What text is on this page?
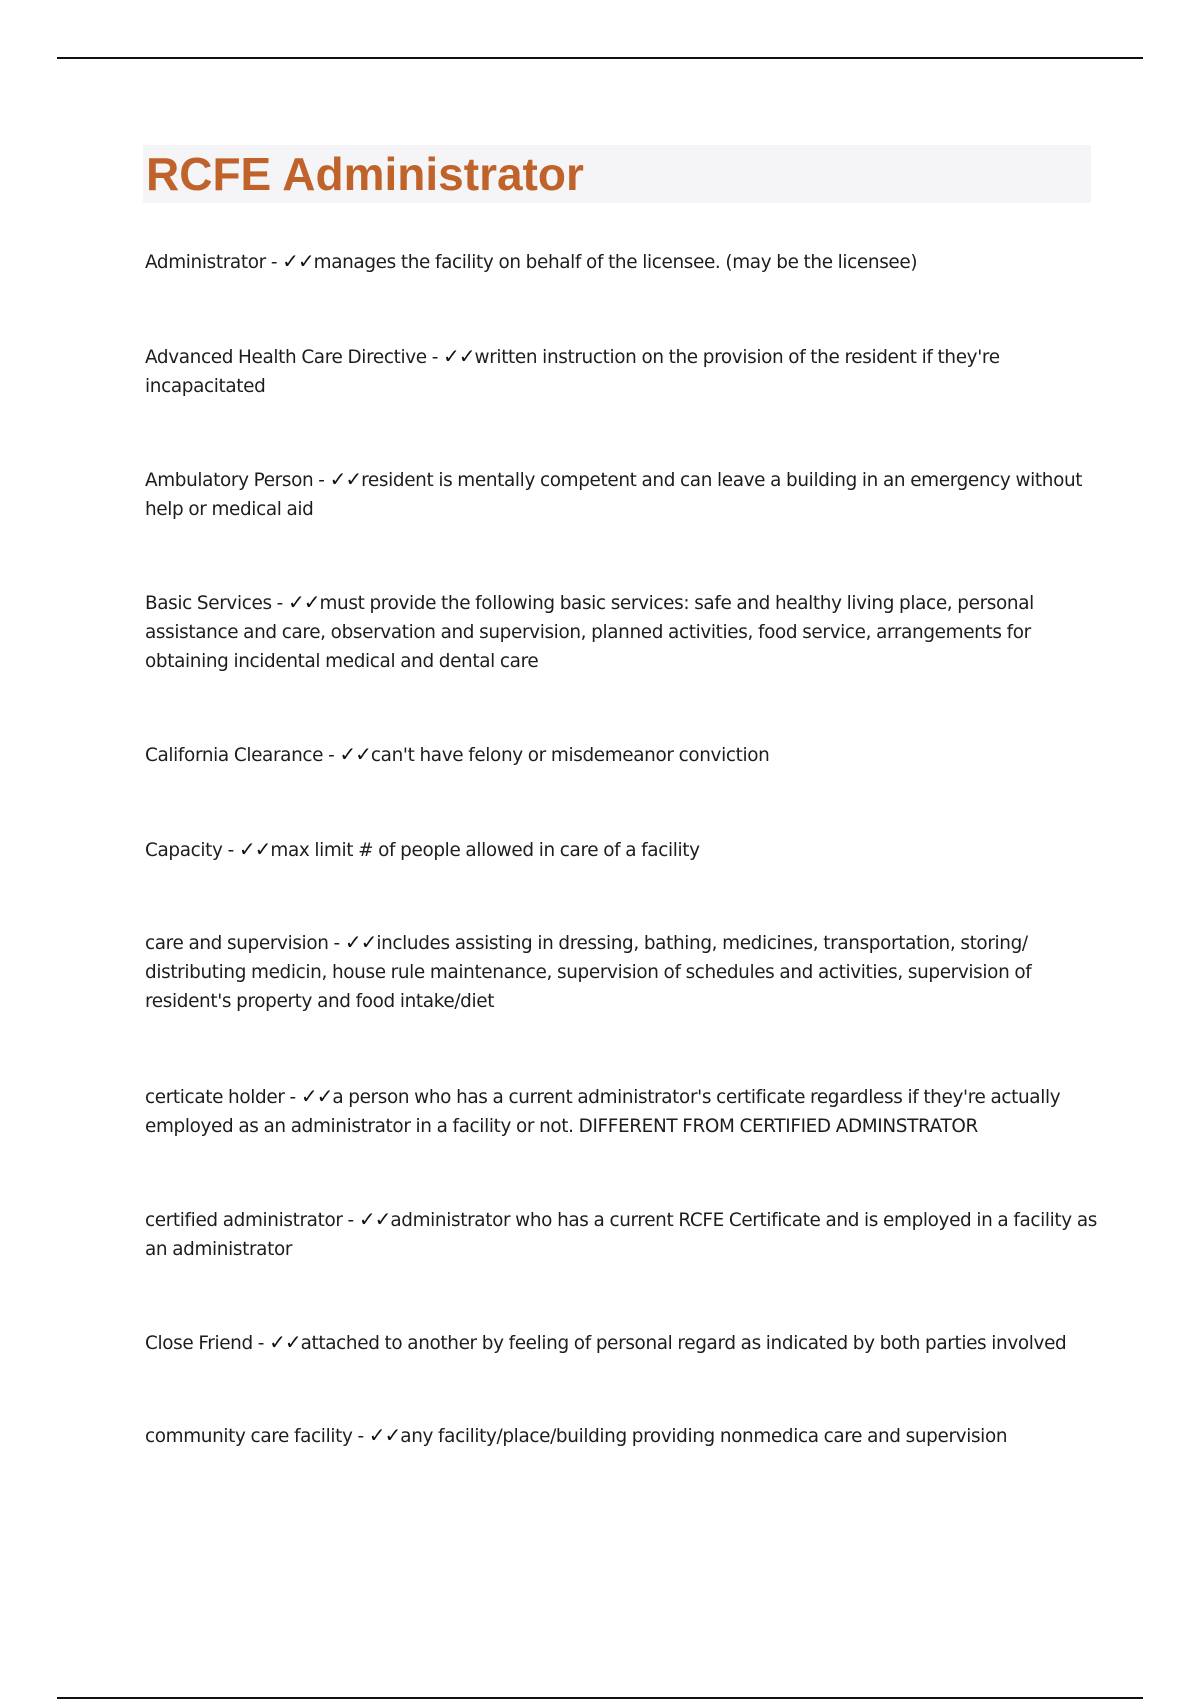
RCFE Administrator

Administrator - ✓✓manages the facility on behalf of the licensee. (may be the licensee)

Advanced Health Care Directive - ✓✓written instruction on the provision of the resident if they're incapacitated

Ambulatory Person - ✓✓resident is mentally competent and can leave a building in an emergency without help or medical aid

Basic Services - ✓✓must provide the following basic services: safe and healthy living place, personal assistance and care, observation and supervision, planned activities, food service, arrangements for obtaining incidental medical and dental care

California Clearance - ✓✓can't have felony or misdemeanor conviction

Capacity - ✓✓max limit # of people allowed in care of a facility

care and supervision - ✓✓includes assisting in dressing, bathing, medicines, transportation, storing/ distributing medicin, house rule maintenance, supervision of schedules and activities, supervision of resident's property and food intake/diet

certicate holder - ✓✓a person who has a current administrator's certificate regardless if they're actually employed as an administrator in a facility or not. DIFFERENT FROM CERTIFIED ADMINSTRATOR

certified administrator - ✓✓administrator who has a current RCFE Certificate and is employed in a facility as an administrator

Close Friend - ✓✓attached to another by feeling of personal regard as indicated by both parties involved

community care facility - ✓✓any facility/place/building providing nonmedica care and supervision
